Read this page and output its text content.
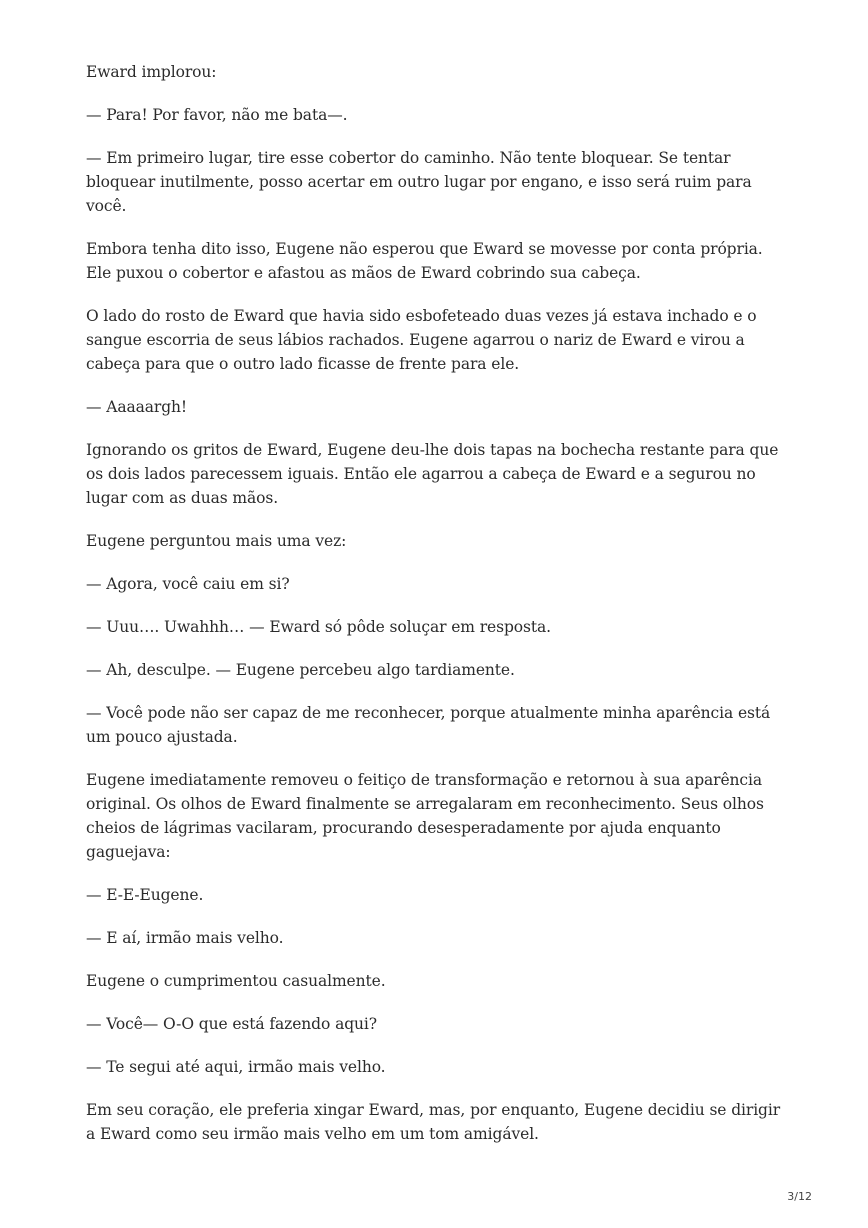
Eward implorou:

— Para! Por favor, não me bata—.

— Em primeiro lugar, tire esse cobertor do caminho. Não tente bloquear. Se tentar bloquear inutilmente, posso acertar em outro lugar por engano, e isso será ruim para você.

Embora tenha dito isso, Eugene não esperou que Eward se movesse por conta própria. Ele puxou o cobertor e afastou as mãos de Eward cobrindo sua cabeça.

O lado do rosto de Eward que havia sido esbofeteado duas vezes já estava inchado e o sangue escorria de seus lábios rachados. Eugene agarrou o nariz de Eward e virou a cabeça para que o outro lado ficasse de frente para ele.

— Aaaaargh!

Ignorando os gritos de Eward, Eugene deu-lhe dois tapas na bochecha restante para que os dois lados parecessem iguais. Então ele agarrou a cabeça de Eward e a segurou no lugar com as duas mãos.

Eugene perguntou mais uma vez:

— Agora, você caiu em si?

— Uuu…. Uwahhh… — Eward só pôde soluçar em resposta.

— Ah, desculpe. — Eugene percebeu algo tardiamente.

— Você pode não ser capaz de me reconhecer, porque atualmente minha aparência está um pouco ajustada.

Eugene imediatamente removeu o feitiço de transformação e retornou à sua aparência original. Os olhos de Eward finalmente se arregalaram em reconhecimento. Seus olhos cheios de lágrimas vacilaram, procurando desesperadamente por ajuda enquanto gaguejava:

— E-E-Eugene.

— E aí, irmão mais velho.

Eugene o cumprimentou casualmente.

— Você— O-O que está fazendo aqui?

— Te segui até aqui, irmão mais velho.

Em seu coração, ele preferia xingar Eward, mas, por enquanto, Eugene decidiu se dirigir a Eward como seu irmão mais velho em um tom amigável.

3/12
